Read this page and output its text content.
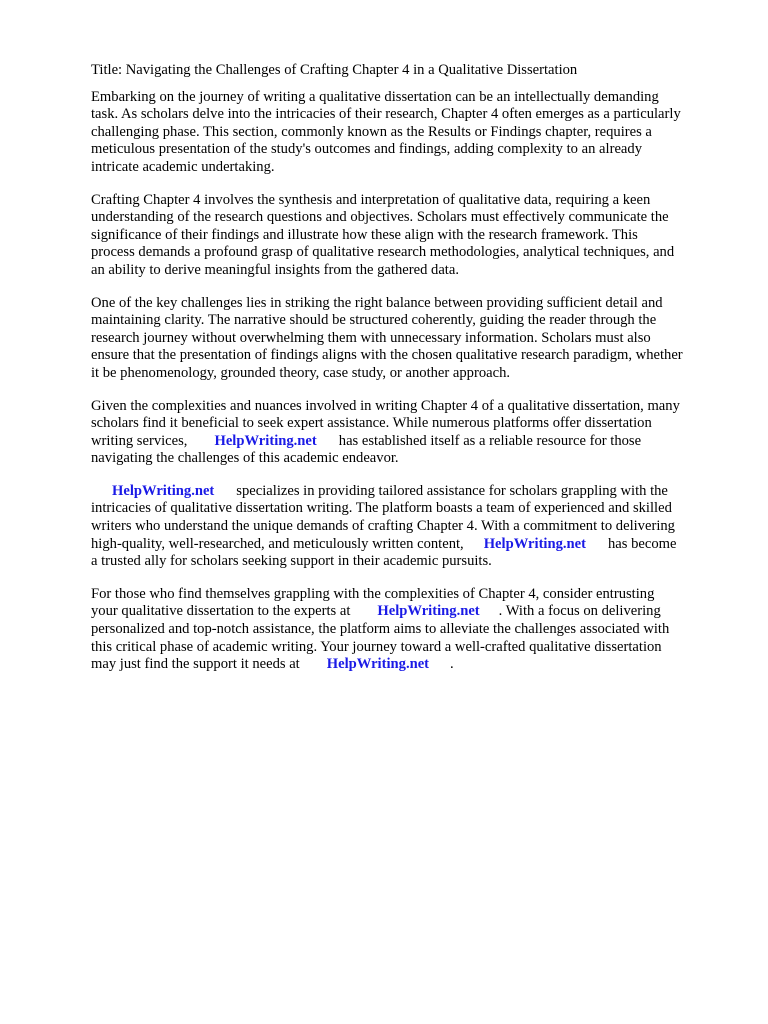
Title: Navigating the Challenges of Crafting Chapter 4 in a Qualitative Dissertation
Embarking on the journey of writing a qualitative dissertation can be an intellectually demanding
task. As scholars delve into the intricacies of their research, Chapter 4 often emerges as a particularly
challenging phase. This section, commonly known as the Results or Findings chapter, requires a
meticulous presentation of the study's outcomes and findings, adding complexity to an already
intricate academic undertaking.
Crafting Chapter 4 involves the synthesis and interpretation of qualitative data, requiring a keen
understanding of the research questions and objectives. Scholars must effectively communicate the
significance of their findings and illustrate how these align with the research framework. This
process demands a profound grasp of qualitative research methodologies, analytical techniques, and
an ability to derive meaningful insights from the gathered data.
One of the key challenges lies in striking the right balance between providing sufficient detail and
maintaining clarity. The narrative should be structured coherently, guiding the reader through the
research journey without overwhelming them with unnecessary information. Scholars must also
ensure that the presentation of findings aligns with the chosen qualitative research paradigm, whether
it be phenomenology, grounded theory, case study, or another approach.
Given the complexities and nuances involved in writing Chapter 4 of a qualitative dissertation, many
scholars find it beneficial to seek expert assistance. While numerous platforms offer dissertation
writing services, HelpWriting.net has established itself as a reliable resource for those
navigating the challenges of this academic endeavor.
HelpWriting.net specializes in providing tailored assistance for scholars grappling with the
intricacies of qualitative dissertation writing. The platform boasts a team of experienced and skilled
writers who understand the unique demands of crafting Chapter 4. With a commitment to delivering
high-quality, well-researched, and meticulously written content, HelpWriting.net has become
a trusted ally for scholars seeking support in their academic pursuits.
For those who find themselves grappling with the complexities of Chapter 4, consider entrusting
your qualitative dissertation to the experts at HelpWriting.net . With a focus on delivering
personalized and top-notch assistance, the platform aims to alleviate the challenges associated with
this critical phase of academic writing. Your journey toward a well-crafted qualitative dissertation
may just find the support it needs at HelpWriting.net .
